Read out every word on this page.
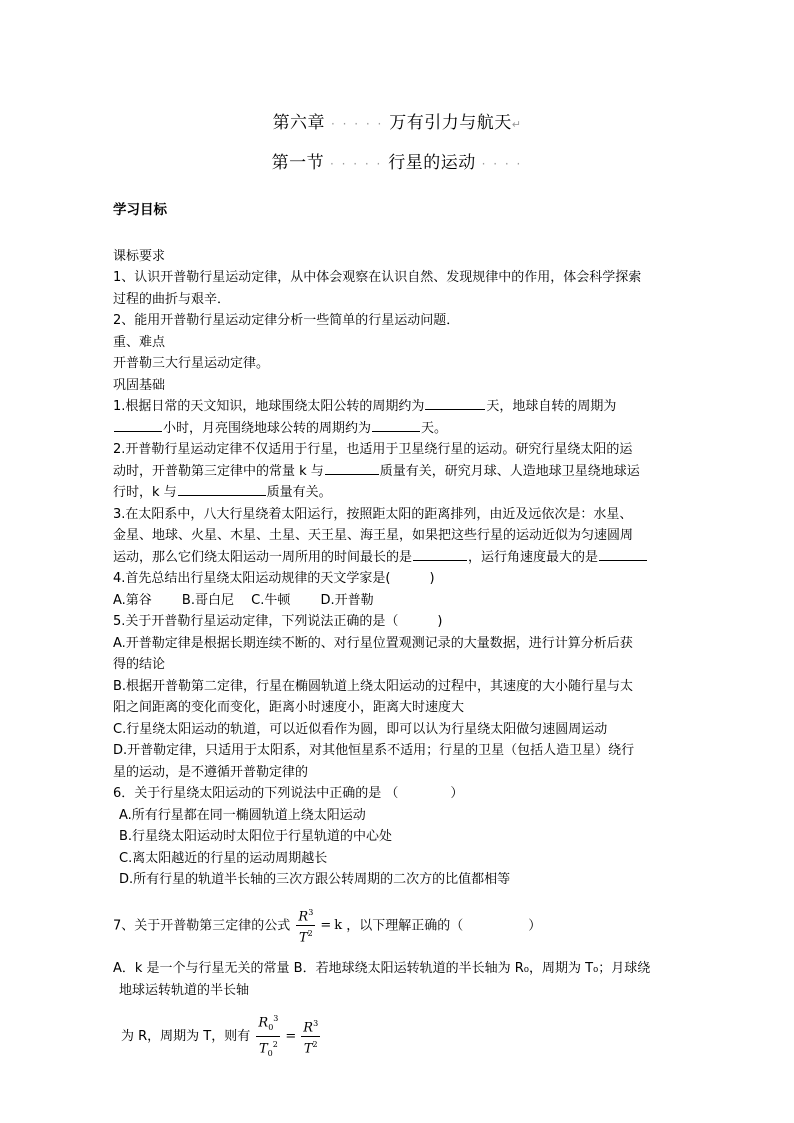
第六章 · · · · · 万有引力与航天↵
第一节 · · · · · 行星的运动 · · · ·
学习目标
课标要求
1、认识开普勒行星运动定律，从中体会观察在认识自然、发现规律中的作用，体会科学探索
过程的曲折与艰辛．
2、能用开普勒行星运动定律分析一些简单的行星运动问题．
重、难点
开普勒三大行星运动定律。
巩固基础
1.根据日常的天文知识，地球围绕太阳公转的周期约为	天，地球自转的周期为
小时，月亮围绕地球公转的周期约为	天。
2.开普勒行星运动定律不仅适用于行星，也适用于卫星绕行星的运动。研究行星绕太阳的运
动时，开普勒第三定律中的常量 k 与	质量有关，研究月球、人造地球卫星绕地球运
行时，k 与	质量有关。
3.在太阳系中，八大行星绕着太阳运行，按照距太阳的距离排列，由近及远依次是：水星、
金星、地球、火星、木星、土星、天王星、海王星，如果把这些行星的运动近似为匀速圆周
运动，那么它们绕太阳运动一周所用的时间最长的是	，运行角速度最大的是
4.首先总结出行星绕太阳运动规律的天文学家是(　　　)
A.第谷　　 B.哥白尼　 C.牛顿　　 D.开普勒
5.关于开普勒行星运动定律，下列说法正确的是（　　　)
A.开普勒定律是根据长期连续不断的、对行星位置观测记录的大量数据，进行计算分析后获
得的结论
B.根据开普勒第二定律，行星在椭圆轨道上绕太阳运动的过程中，其速度的大小随行星与太
阳之间距离的变化而变化，距离小时速度小，距离大时速度大
C.行星绕太阳运动的轨道，可以近似看作为圆，即可以认为行星绕太阳做匀速圆周运动
D.开普勒定律，只适用于太阳系，对其他恒星系不适用；行星的卫星（包括人造卫星）绕行
星的运动，是不遵循开普勒定律的
6．关于行星绕太阳运动的下列说法中正确的是 （　　　　）
A.所有行星都在同一椭圆轨道上绕太阳运动
B.行星绕太阳运动时太阳位于行星轨道的中心处
C.离太阳越近的行星的运动周期越长
D.所有行星的轨道半长轴的三次方跟公转周期的二次方的比值都相等
7、关于开普勒第三定律的公式 $\frac{R^3}{T^2} = k$ ，以下理解正确的（　　　　　）
A．k 是一个与行星无关的常量 B．若地球绕太阳运转轨道的半长轴为 R₀，周期为 T₀；月球绕
地球运转轨道的半长轴
为 R，周期为 T，则有 $\frac{R_0^3}{T_0^2} = \frac{R^3}{T^2}$
